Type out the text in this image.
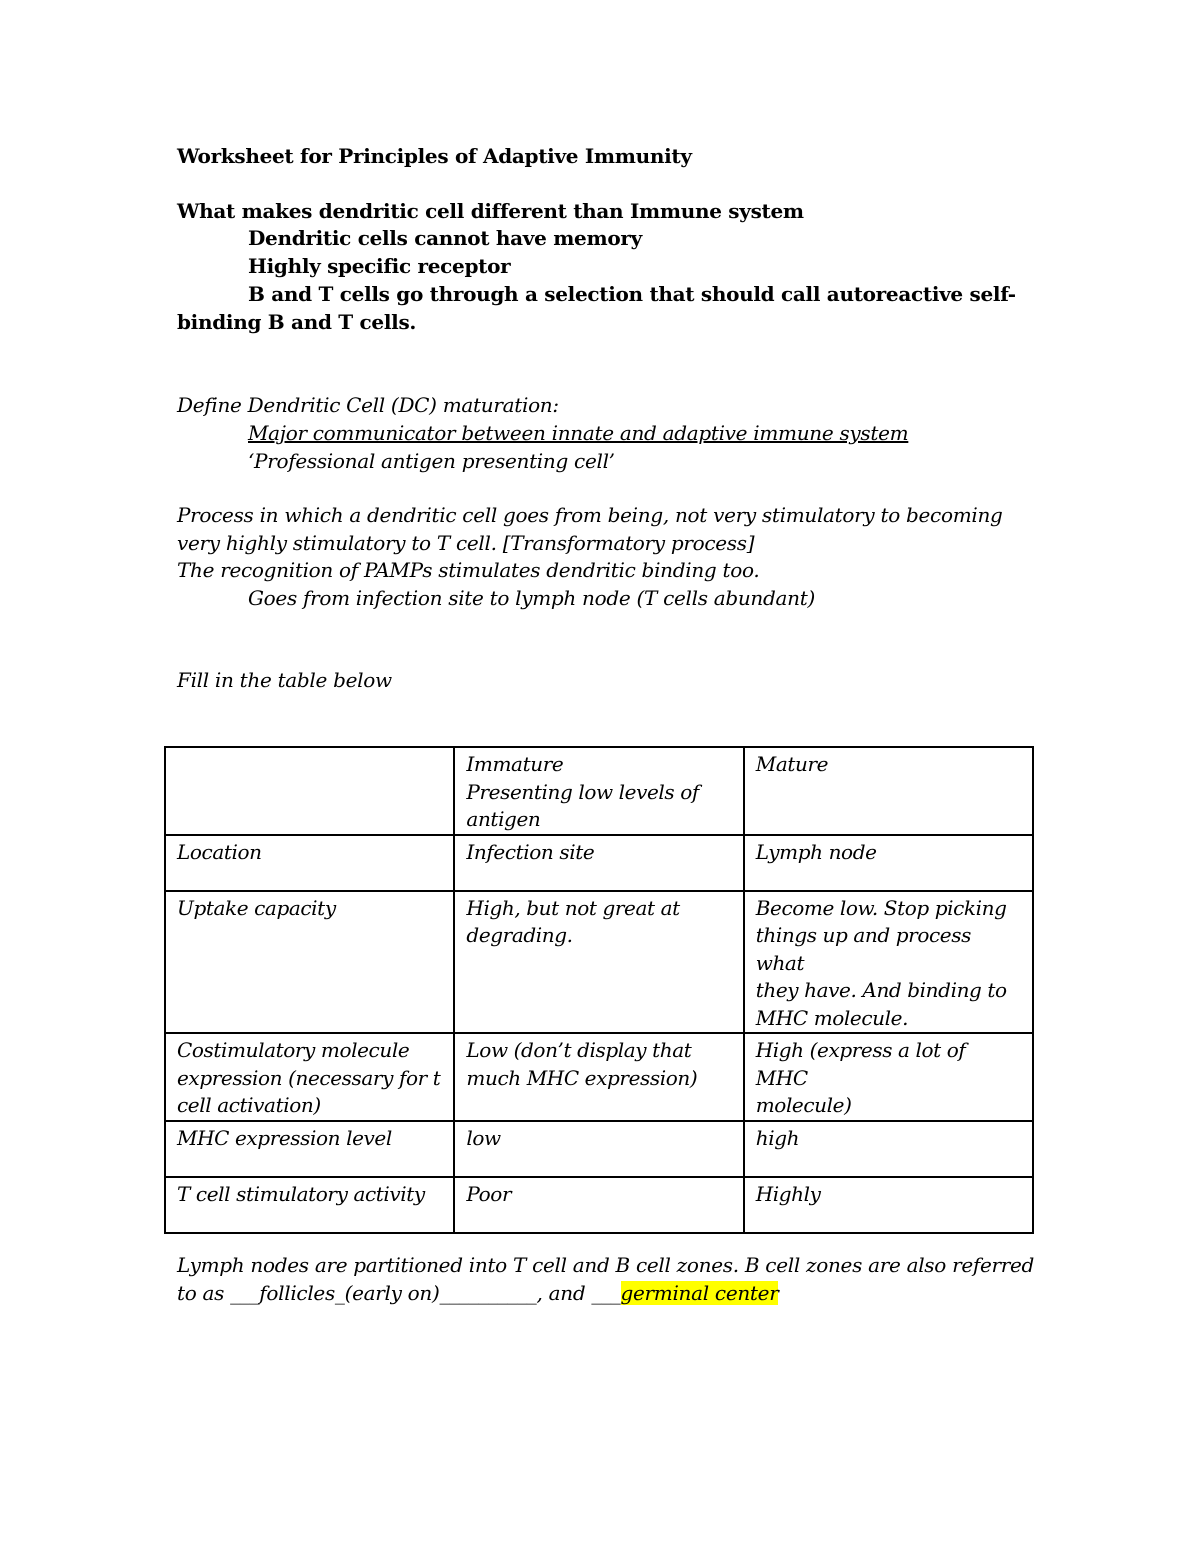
Worksheet for Principles of Adaptive Immunity
What makes dendritic cell different than Immune system
Dendritic cells cannot have memory
Highly specific receptor
B and T cells go through a selection that should call autoreactive self-
binding B and T cells.
Define Dendritic Cell (DC) maturation:
Major communicator between innate and adaptive immune system
‘Professional antigen presenting cell’
Process in which a dendritic cell goes from being, not very stimulatory to becoming
very highly stimulatory to T cell. [Transformatory process]
The recognition of PAMPs stimulates dendritic binding too.
Goes from infection site to lymph node (T cells abundant)
Fill in the table below
	Immature
Presenting low levels of
antigen	Mature
Location	Infection site	Lymph node
Uptake capacity	High, but not great at
degrading.	Become low. Stop picking
things up and process what
they have. And binding to
MHC molecule.
Costimulatory molecule
expression (necessary for t
cell activation)	Low (don’t display that
much MHC expression)	High (express a lot of MHC
molecule)
MHC expression level	low	high
T cell stimulatory activity	Poor	Highly
Lymph nodes are partitioned into T cell and B cell zones. B cell zones are also referred
to as ___follicles_(early on)__________, and ___germinal center
